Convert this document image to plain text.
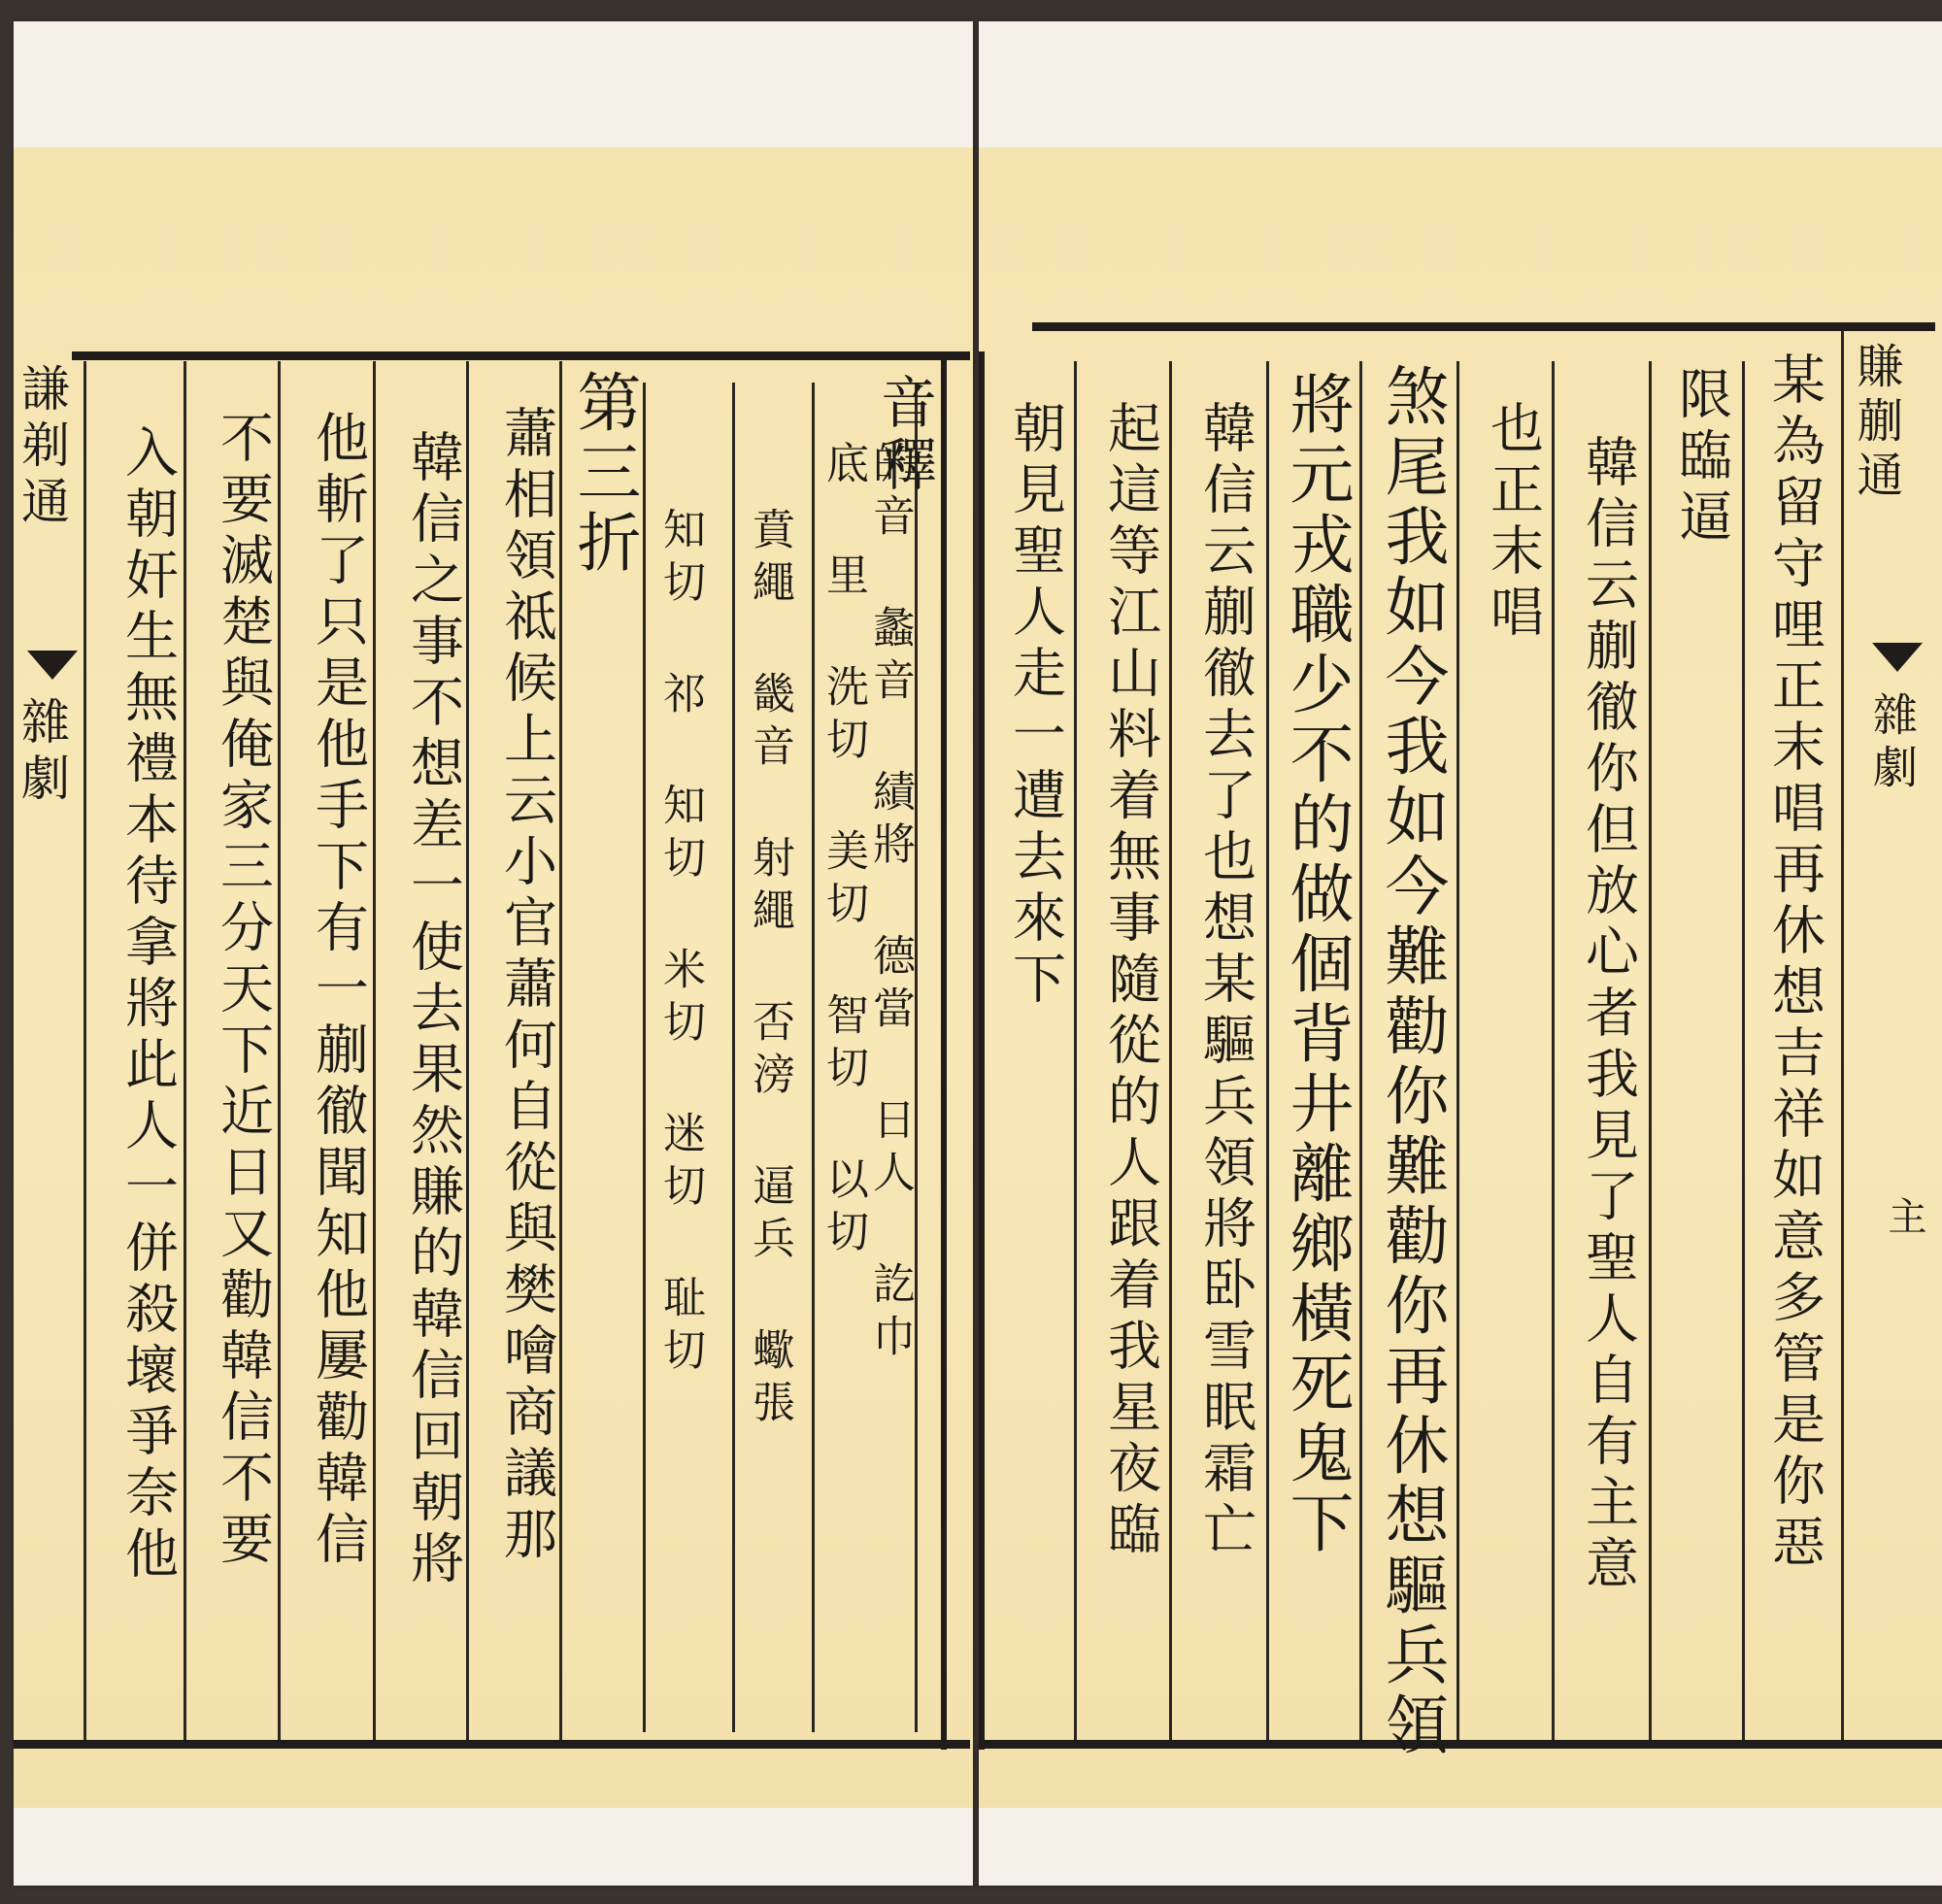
謙剃通
雜劇 入朝奸生無禮本待拿將此人一併殺壞爭奈他 不要滅楚與俺家三分天下近日又勸韓信不要 他斬了只是他手下有一蒯徹聞知他屢勸韓信 韓信之事不想差一使去果然賺的韓信回朝將 蕭相領祗候上云小官蕭何自從與樊噲商議那 第三折
知切 祁 知切 米切 迷切 耻切 賁繩 畿音 射繩 否滂 逼兵 蠍張 底 里 洗切 美切 智切 以切
的音 蠡音 績將 德當 日人 訖巾
音釋 朝見聖人走一遭去來下 起這等江山料着無事隨從的人跟着我星夜臨 韓信云蒯徹去了也想某驅兵領將卧雪眠霜亡 將元戎職少不的做個背井離鄉橫死鬼下 煞尾我如今我如今難勸你難勸你再休想驅兵領 也正末唱 韓信云蒯徹你但放心者我見了聖人自有主意 限臨逼 某為留守哩正末唱再休想吉祥如意多管是你惡 賺蒯通
雜劇
主
